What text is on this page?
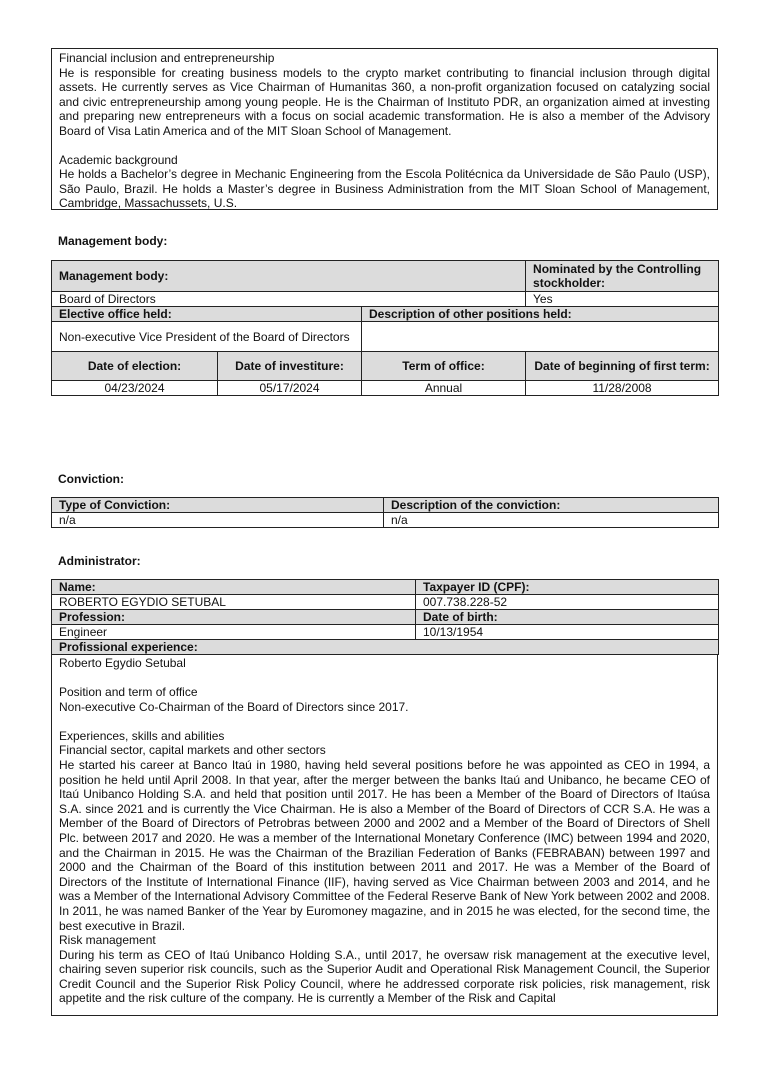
Financial inclusion and entrepreneurship

He is responsible for creating business models to the crypto market contributing to financial inclusion through digital assets. He currently serves as Vice Chairman of Humanitas 360, a non-profit organization focused on catalyzing social and civic entrepreneurship among young people. He is the Chairman of Instituto PDR, an organization aimed at investing and preparing new entrepreneurs with a focus on social academic transformation. He is also a member of the Advisory Board of Visa Latin America and of the MIT Sloan School of Management.

Academic background

He holds a Bachelor’s degree in Mechanic Engineering from the Escola Politécnica da Universidade de São Paulo (USP), São Paulo, Brazil. He holds a Master’s degree in Business Administration from the MIT Sloan School of Management, Cambridge, Massachussets, U.S.

Management body:
Management body:			Nominated by the Controlling stockholder:
Board of Directors			Yes
Elective office held:		Description of other positions held:	
Non-executive Vice President of the Board of Directors			
Date of election:	Date of investiture:	Term of office:	Date of beginning of first term:
04/23/2024	05/17/2024	Annual	11/28/2008
Conviction:
Type of Conviction:	Description of the conviction:
n/a	n/a
Administrator:
Name:	Taxpayer ID (CPF):
ROBERTO EGYDIO SETUBAL	007.738.228-52
Profession:	Date of birth:
Engineer	10/13/1954
Profissional experience:	

Roberto Egydio Setubal

Position and term of office

Non-executive Co-Chairman of the Board of Directors since 2017.

Experiences, skills and abilities

Financial sector, capital markets and other sectors

He started his career at Banco Itaú in 1980, having held several positions before he was appointed as CEO in 1994, a position he held until April 2008. In that year, after the merger between the banks Itaú and Unibanco, he became CEO of Itaú Unibanco Holding S.A. and held that position until 2017. He has been a Member of the Board of Directors of Itaúsa S.A. since 2021 and is currently the Vice Chairman. He is also a Member of the Board of Directors of CCR S.A. He was a Member of the Board of Directors of Petrobras between 2000 and 2002 and a Member of the Board of Directors of Shell Plc. between 2017 and 2020. He was a member of the International Monetary Conference (IMC) between 1994 and 2020, and the Chairman in 2015. He was the Chairman of the Brazilian Federation of Banks (FEBRABAN) between 1997 and 2000 and the Chairman of the Board of this institution between 2011 and 2017. He was a Member of the Board of Directors of the Institute of International Finance (IIF), having served as Vice Chairman between 2003 and 2014, and he was a Member of the International Advisory Committee of the Federal Reserve Bank of New York between 2002 and 2008. In 2011, he was named Banker of the Year by Euromoney magazine, and in 2015 he was elected, for the second time, the best executive in Brazil.

Risk management

During his term as CEO of Itaú Unibanco Holding S.A., until 2017, he oversaw risk management at the executive level, chairing seven superior risk councils, such as the Superior Audit and Operational Risk Management Council, the Superior Credit Council and the Superior Risk Policy Council, where he addressed corporate risk policies, risk management, risk appetite and the risk culture of the company. He is currently a Member of the Risk and Capital
